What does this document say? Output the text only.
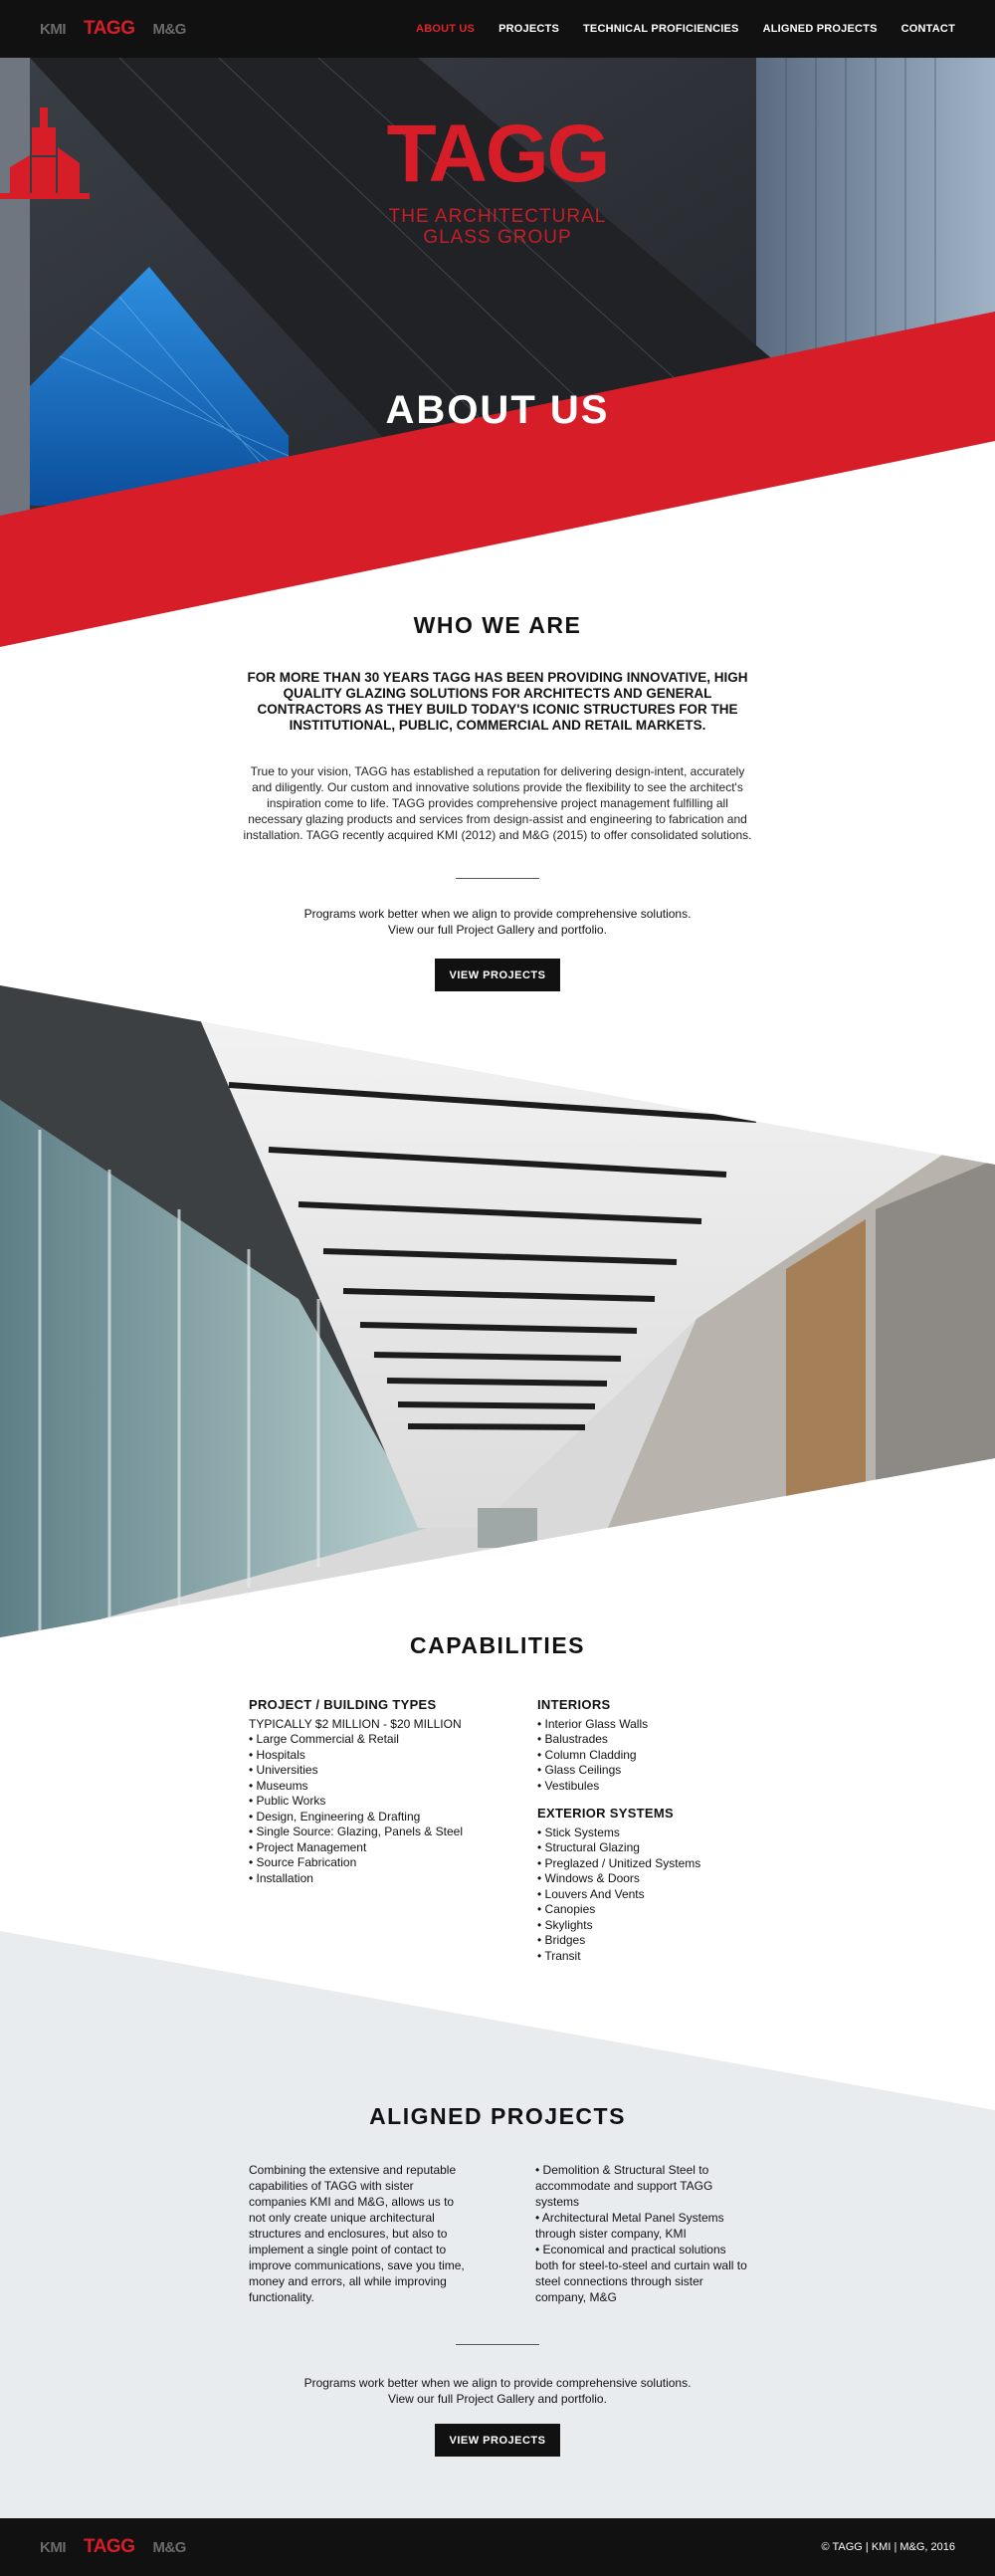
KMI TAGG M&G	ABOUT US PROJECTS TECHNICAL PROFICIENCIES ALIGNED PROJECTS CONTACT
TAGG
THE ARCHITECTURAL
GLASS GROUP
ABOUT US
WHO WE ARE
FOR MORE THAN 30 YEARS TAGG HAS BEEN PROVIDING INNOVATIVE, HIGH QUALITY GLAZING SOLUTIONS FOR ARCHITECTS AND GENERAL CONTRACTORS AS THEY BUILD TODAY'S ICONIC STRUCTURES FOR THE INSTITUTIONAL, PUBLIC, COMMERCIAL AND RETAIL MARKETS.
True to your vision, TAGG has established a reputation for delivering design-intent, accurately and diligently. Our custom and innovative solutions provide the flexibility to see the architect's inspiration come to life. TAGG provides comprehensive project management fulfilling all necessary glazing products and services from design-assist and engineering to fabrication and installation. TAGG recently acquired KMI (2012) and M&G (2015) to offer consolidated solutions.
Programs work better when we align to provide comprehensive solutions.
View our full Project Gallery and portfolio.
VIEW PROJECTS
CAPABILITIES
PROJECT / BUILDING TYPES
TYPICALLY $2 MILLION - $20 MILLION
• Large Commercial & Retail
• Hospitals
• Universities
• Museums
• Public Works
• Design, Engineering & Drafting
• Single Source: Glazing, Panels & Steel
• Project Management
• Source Fabrication
• Installation
INTERIORS
• Interior Glass Walls
• Balustrades
• Column Cladding
• Glass Ceilings
• Vestibules
EXTERIOR SYSTEMS
• Stick Systems
• Structural Glazing
• Preglazed / Unitized Systems
• Windows & Doors
• Louvers And Vents
• Canopies
• Skylights
• Bridges
• Transit
ALIGNED PROJECTS
Combining the extensive and reputable capabilities of TAGG with sister companies KMI and M&G, allows us to not only create unique architectural structures and enclosures, but also to implement a single point of contact to improve communications, save you time, money and errors, all while improving functionality.
• Demolition & Structural Steel to accommodate and support TAGG systems
• Architectural Metal Panel Systems through sister company, KMI
• Economical and practical solutions both for steel-to-steel and curtain wall to steel connections through sister company, M&G
Programs work better when we align to provide comprehensive solutions.
View our full Project Gallery and portfolio.
VIEW PROJECTS
KMI TAGG M&G	© TAGG | KMI | M&G, 2016
